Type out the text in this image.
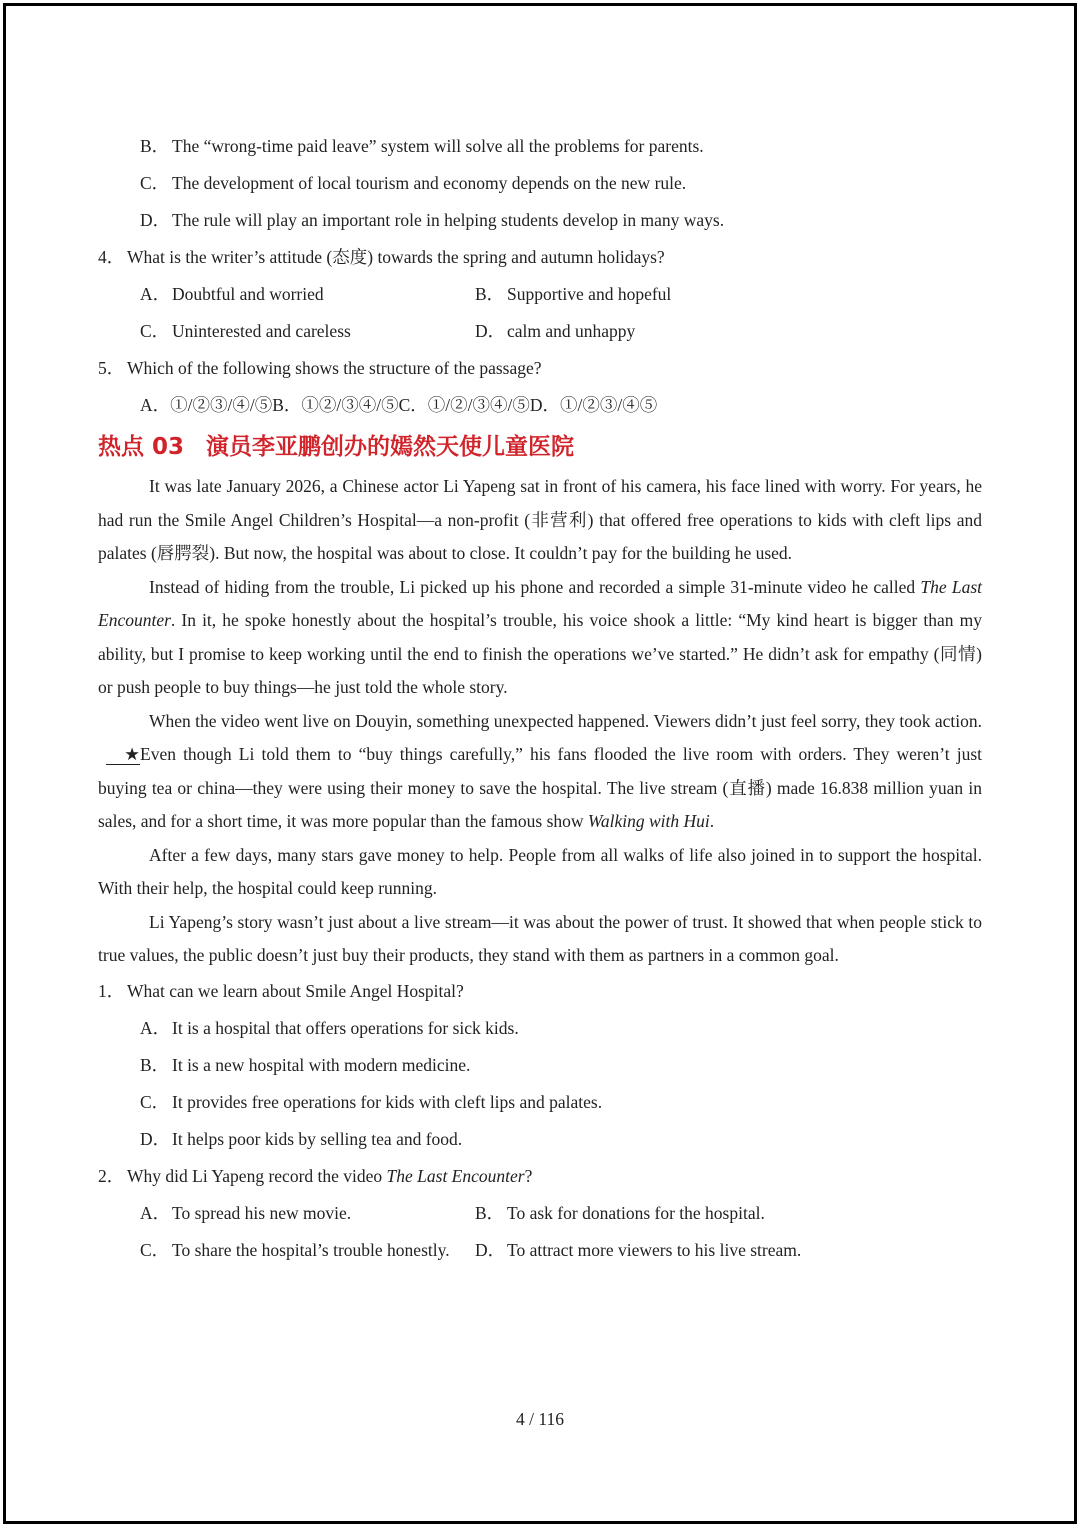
B． The “wrong-time paid leave” system will solve all the problems for parents.
C． The development of local tourism and economy depends on the new rule.
D． The rule will play an important role in helping students develop in many ways.
4． What is the writer’s attitude (态度) towards the spring and autumn holidays?
A． Doubtful and worried	B． Supportive and hopeful
C． Uninterested and careless	D． calm and unhappy
5． Which of the following shows the structure of the passage?
A．①/②③/④/⑤B．①②/③④/⑤C．①/②/③④/⑤D．①/②③/④⑤
热点 03 演员李亚鹏创办的嫣然天使儿童医院

It was late January 2026, a Chinese actor Li Yapeng sat in front of his camera, his face lined with worry. For years, he had run the Smile Angel Children’s Hospital—a non-profit (非营利) that offered free operations to kids with cleft lips and palates (唇腭裂). But now, the hospital was about to close. It couldn’t pay for the building he used.

Instead of hiding from the trouble, Li picked up his phone and recorded a simple 31-minute video he called The Last Encounter. In it, he spoke honestly about the hospital’s trouble, his voice shook a little: “My kind heart is bigger than my ability, but I promise to keep working until the end to finish the operations we’ve started.” He didn’t ask for empathy (同情) or push people to buy things—he just told the whole story.

When the video went live on Douyin, something unexpected happened. Viewers didn’t just feel sorry, they took action.★Even though Li told them to “buy things carefully,” his fans flooded the live room with orders. They weren’t just buying tea or china—they were using their money to save the hospital. The live stream (直播) made 16.838 million yuan in sales, and for a short time, it was more popular than the famous show Walking with Hui.

After a few days, many stars gave money to help. People from all walks of life also joined in to support the hospital. With their help, the hospital could keep running.

Li Yapeng’s story wasn’t just about a live stream—it was about the power of trust. It showed that when people stick to true values, the public doesn’t just buy their products, they stand with them as partners in a common goal.

1． What can we learn about Smile Angel Hospital?
A． It is a hospital that offers operations for sick kids.
B． It is a new hospital with modern medicine.
C． It provides free operations for kids with cleft lips and palates.
D． It helps poor kids by selling tea and food.
2． Why did Li Yapeng record the video The Last Encounter?
A． To spread his new movie.	B． To ask for donations for the hospital.
C． To share the hospital’s trouble honestly.	D． To attract more viewers to his live stream.
4 / 116
